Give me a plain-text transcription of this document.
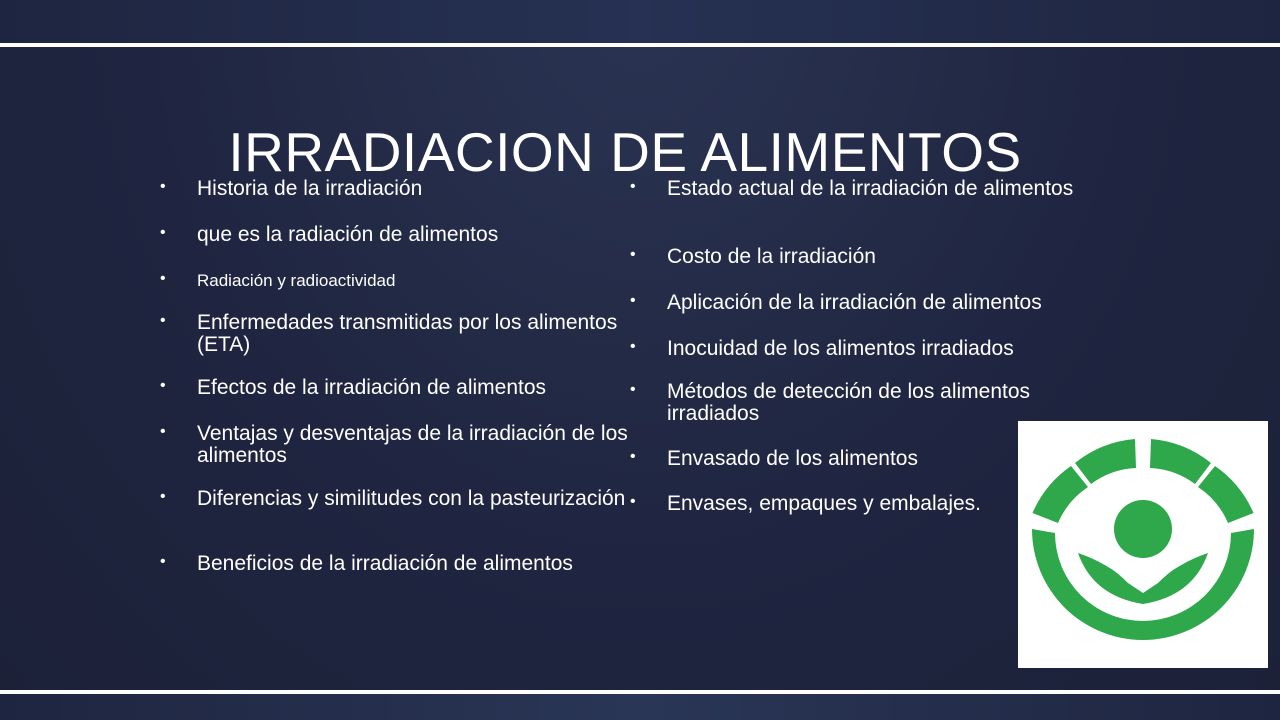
IRRADIACION DE ALIMENTOS
• Historia de la irradiación
• que es la radiación de alimentos
• Radiación y radioactividad
• Enfermedades transmitidas por los alimentos (ETA)
• Efectos de la irradiación de alimentos
• Ventajas y desventajas de la irradiación de los alimentos
• Diferencias y similitudes con la pasteurización
• Beneficios de la irradiación de alimentos
• Estado actual de la irradiación de alimentos
• Costo de la irradiación
• Aplicación de la irradiación de alimentos
• Inocuidad de los alimentos irradiados
• Métodos de detección de los alimentos irradiados
• Envasado de los alimentos
• Envases, empaques y embalajes.
